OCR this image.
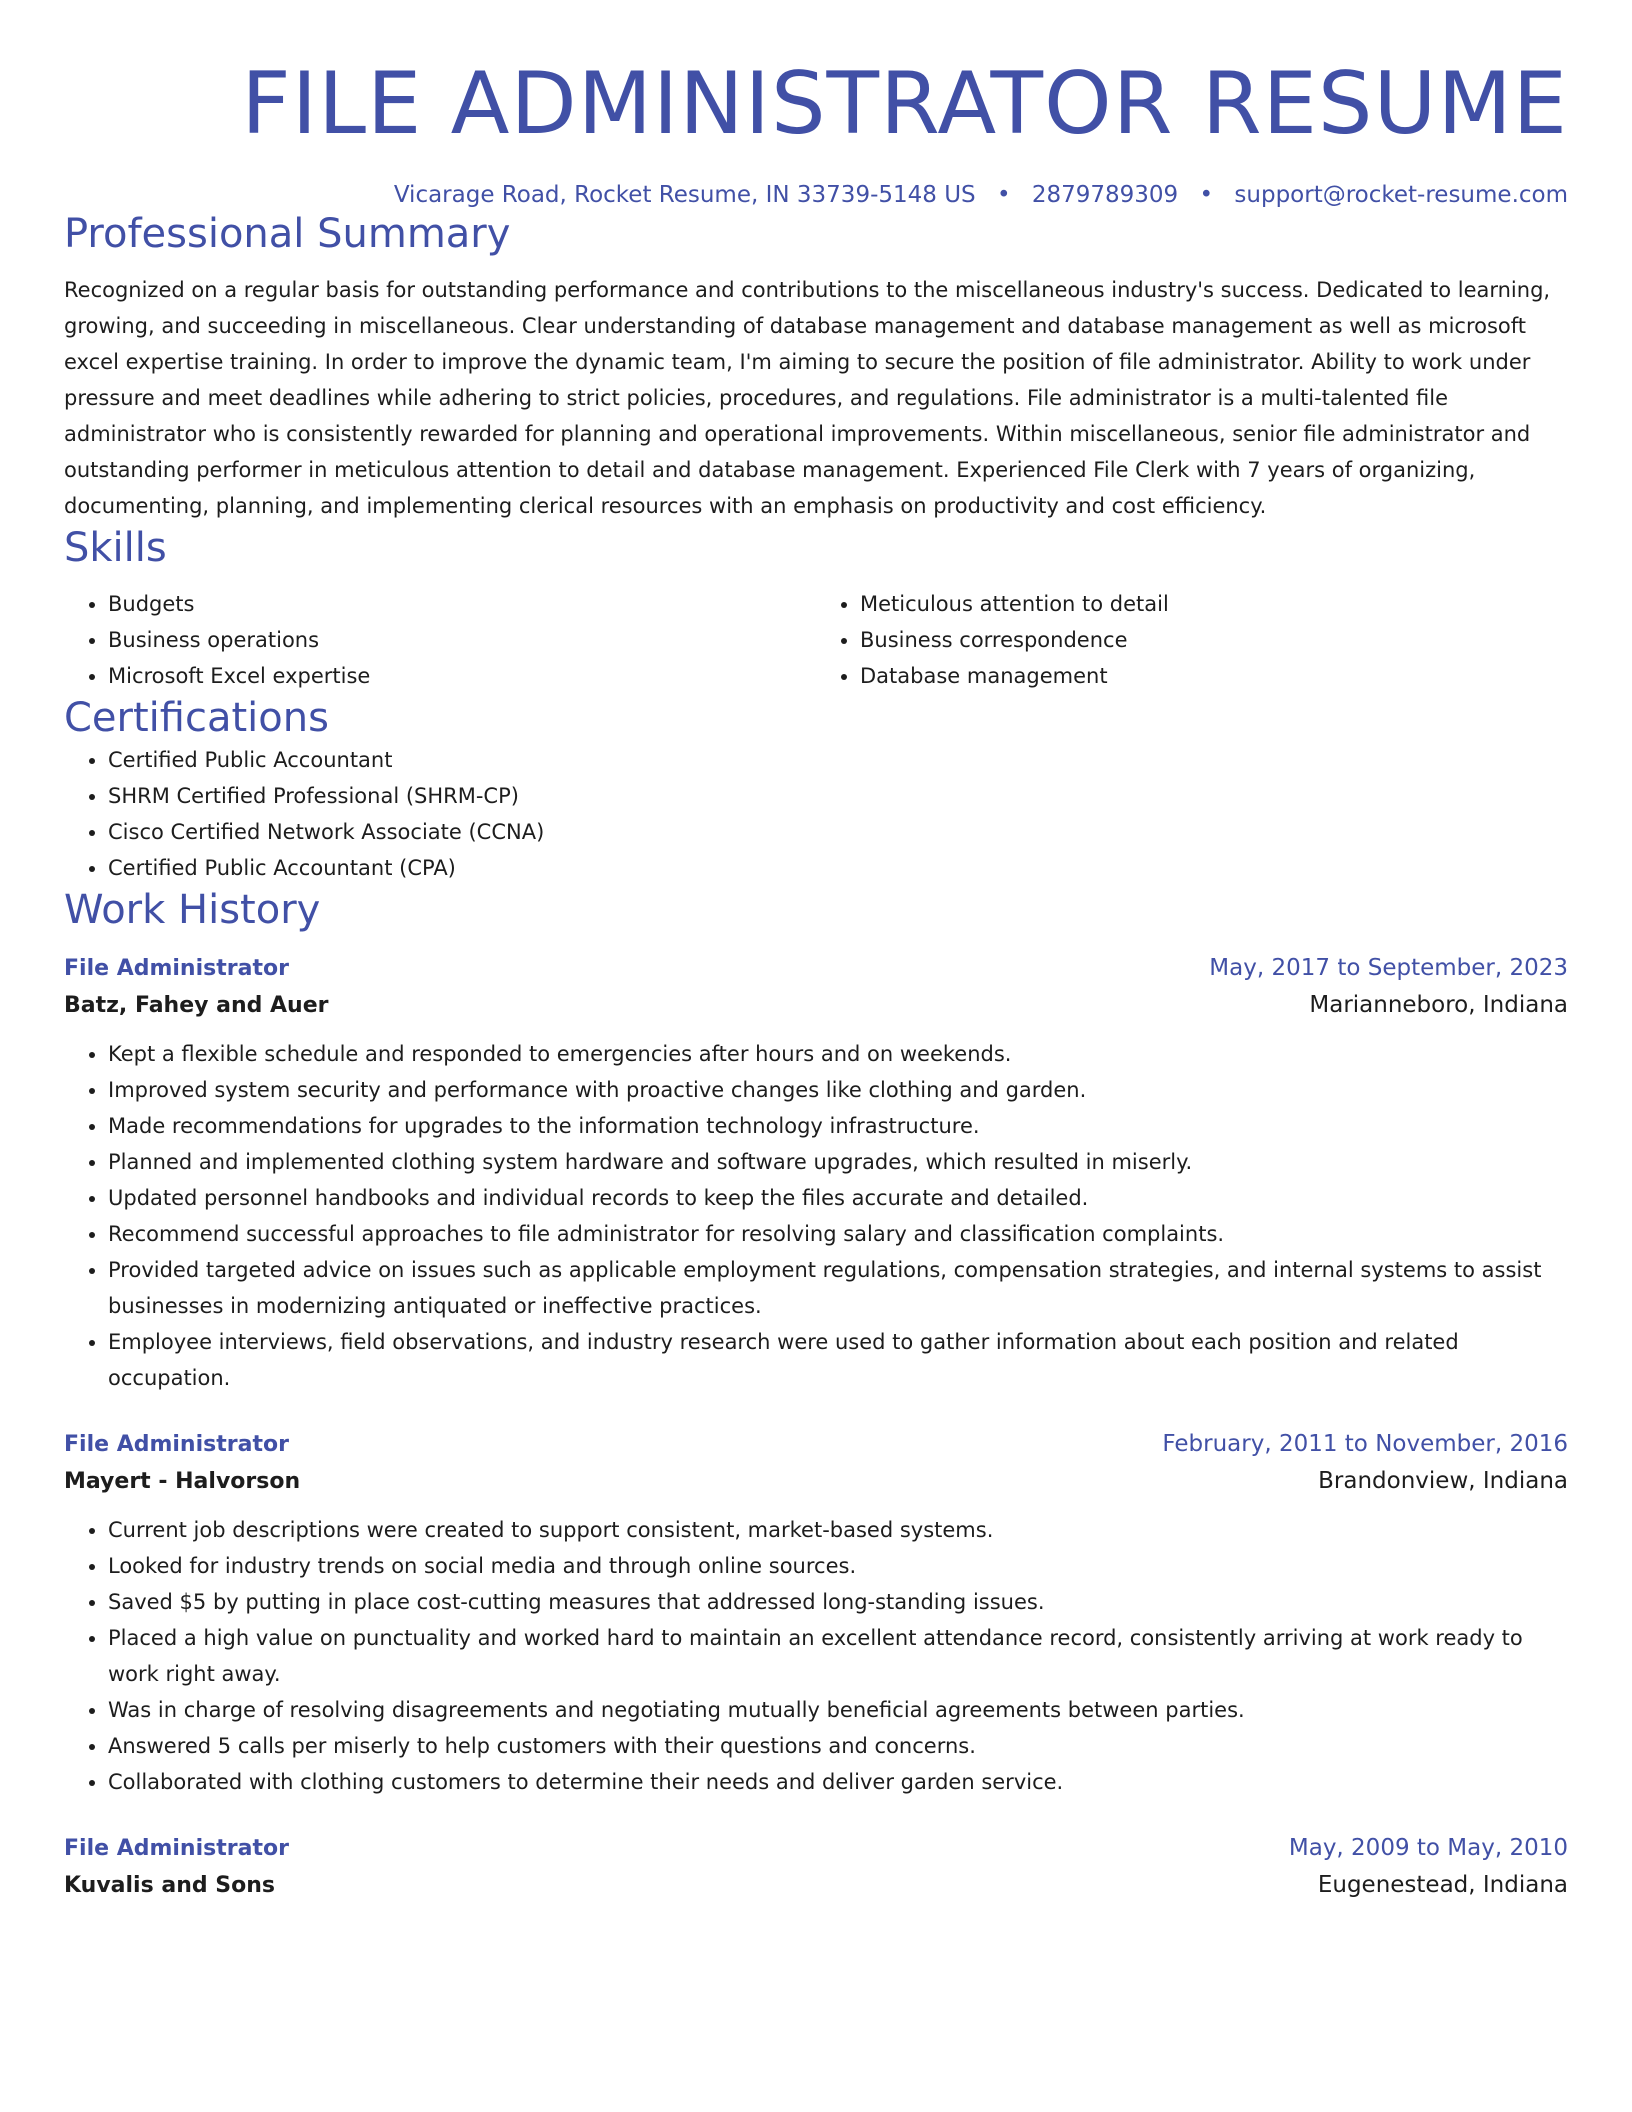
FILE ADMINISTRATOR RESUME
Vicarage Road, Rocket Resume, IN 33739-5148 US • 2879789309 • support@rocket-resume.com
Professional Summary

Recognized on a regular basis for outstanding performance and contributions to the miscellaneous industry's success. Dedicated to learning, growing, and succeeding in miscellaneous. Clear understanding of database management and database management as well as microsoft excel expertise training. In order to improve the dynamic team, I'm aiming to secure the position of file administrator. Ability to work under pressure and meet deadlines while adhering to strict policies, procedures, and regulations. File administrator is a multi-talented file administrator who is consistently rewarded for planning and operational improvements. Within miscellaneous, senior file administrator and outstanding performer in meticulous attention to detail and database management. Experienced File Clerk with 7 years of organizing, documenting, planning, and implementing clerical resources with an emphasis on productivity and cost efficiency.

Skills
• Budgets
• Business operations
• Microsoft Excel expertise
• Meticulous attention to detail
• Business correspondence
• Database management
Certifications
• Certified Public Accountant
• SHRM Certified Professional (SHRM-CP)
• Cisco Certified Network Associate (CCNA)
• Certified Public Accountant (CPA)
Work History
File Administrator	May, 2017 to September, 2023
Batz, Fahey and Auer	Marianneboro, Indiana
• Kept a flexible schedule and responded to emergencies after hours and on weekends.
• Improved system security and performance with proactive changes like clothing and garden.
• Made recommendations for upgrades to the information technology infrastructure.
• Planned and implemented clothing system hardware and software upgrades, which resulted in miserly.
• Updated personnel handbooks and individual records to keep the files accurate and detailed.
• Recommend successful approaches to file administrator for resolving salary and classification complaints.
• Provided targeted advice on issues such as applicable employment regulations, compensation strategies, and internal systems to assist businesses in modernizing antiquated or ineffective practices.
• Employee interviews, field observations, and industry research were used to gather information about each position and related occupation.
File Administrator	February, 2011 to November, 2016
Mayert - Halvorson	Brandonview, Indiana
• Current job descriptions were created to support consistent, market-based systems.
• Looked for industry trends on social media and through online sources.
• Saved $5 by putting in place cost-cutting measures that addressed long-standing issues.
• Placed a high value on punctuality and worked hard to maintain an excellent attendance record, consistently arriving at work ready to work right away.
• Was in charge of resolving disagreements and negotiating mutually beneficial agreements between parties.
• Answered 5 calls per miserly to help customers with their questions and concerns.
• Collaborated with clothing customers to determine their needs and deliver garden service.
File Administrator	May, 2009 to May, 2010
Kuvalis and Sons	Eugenestead, Indiana
